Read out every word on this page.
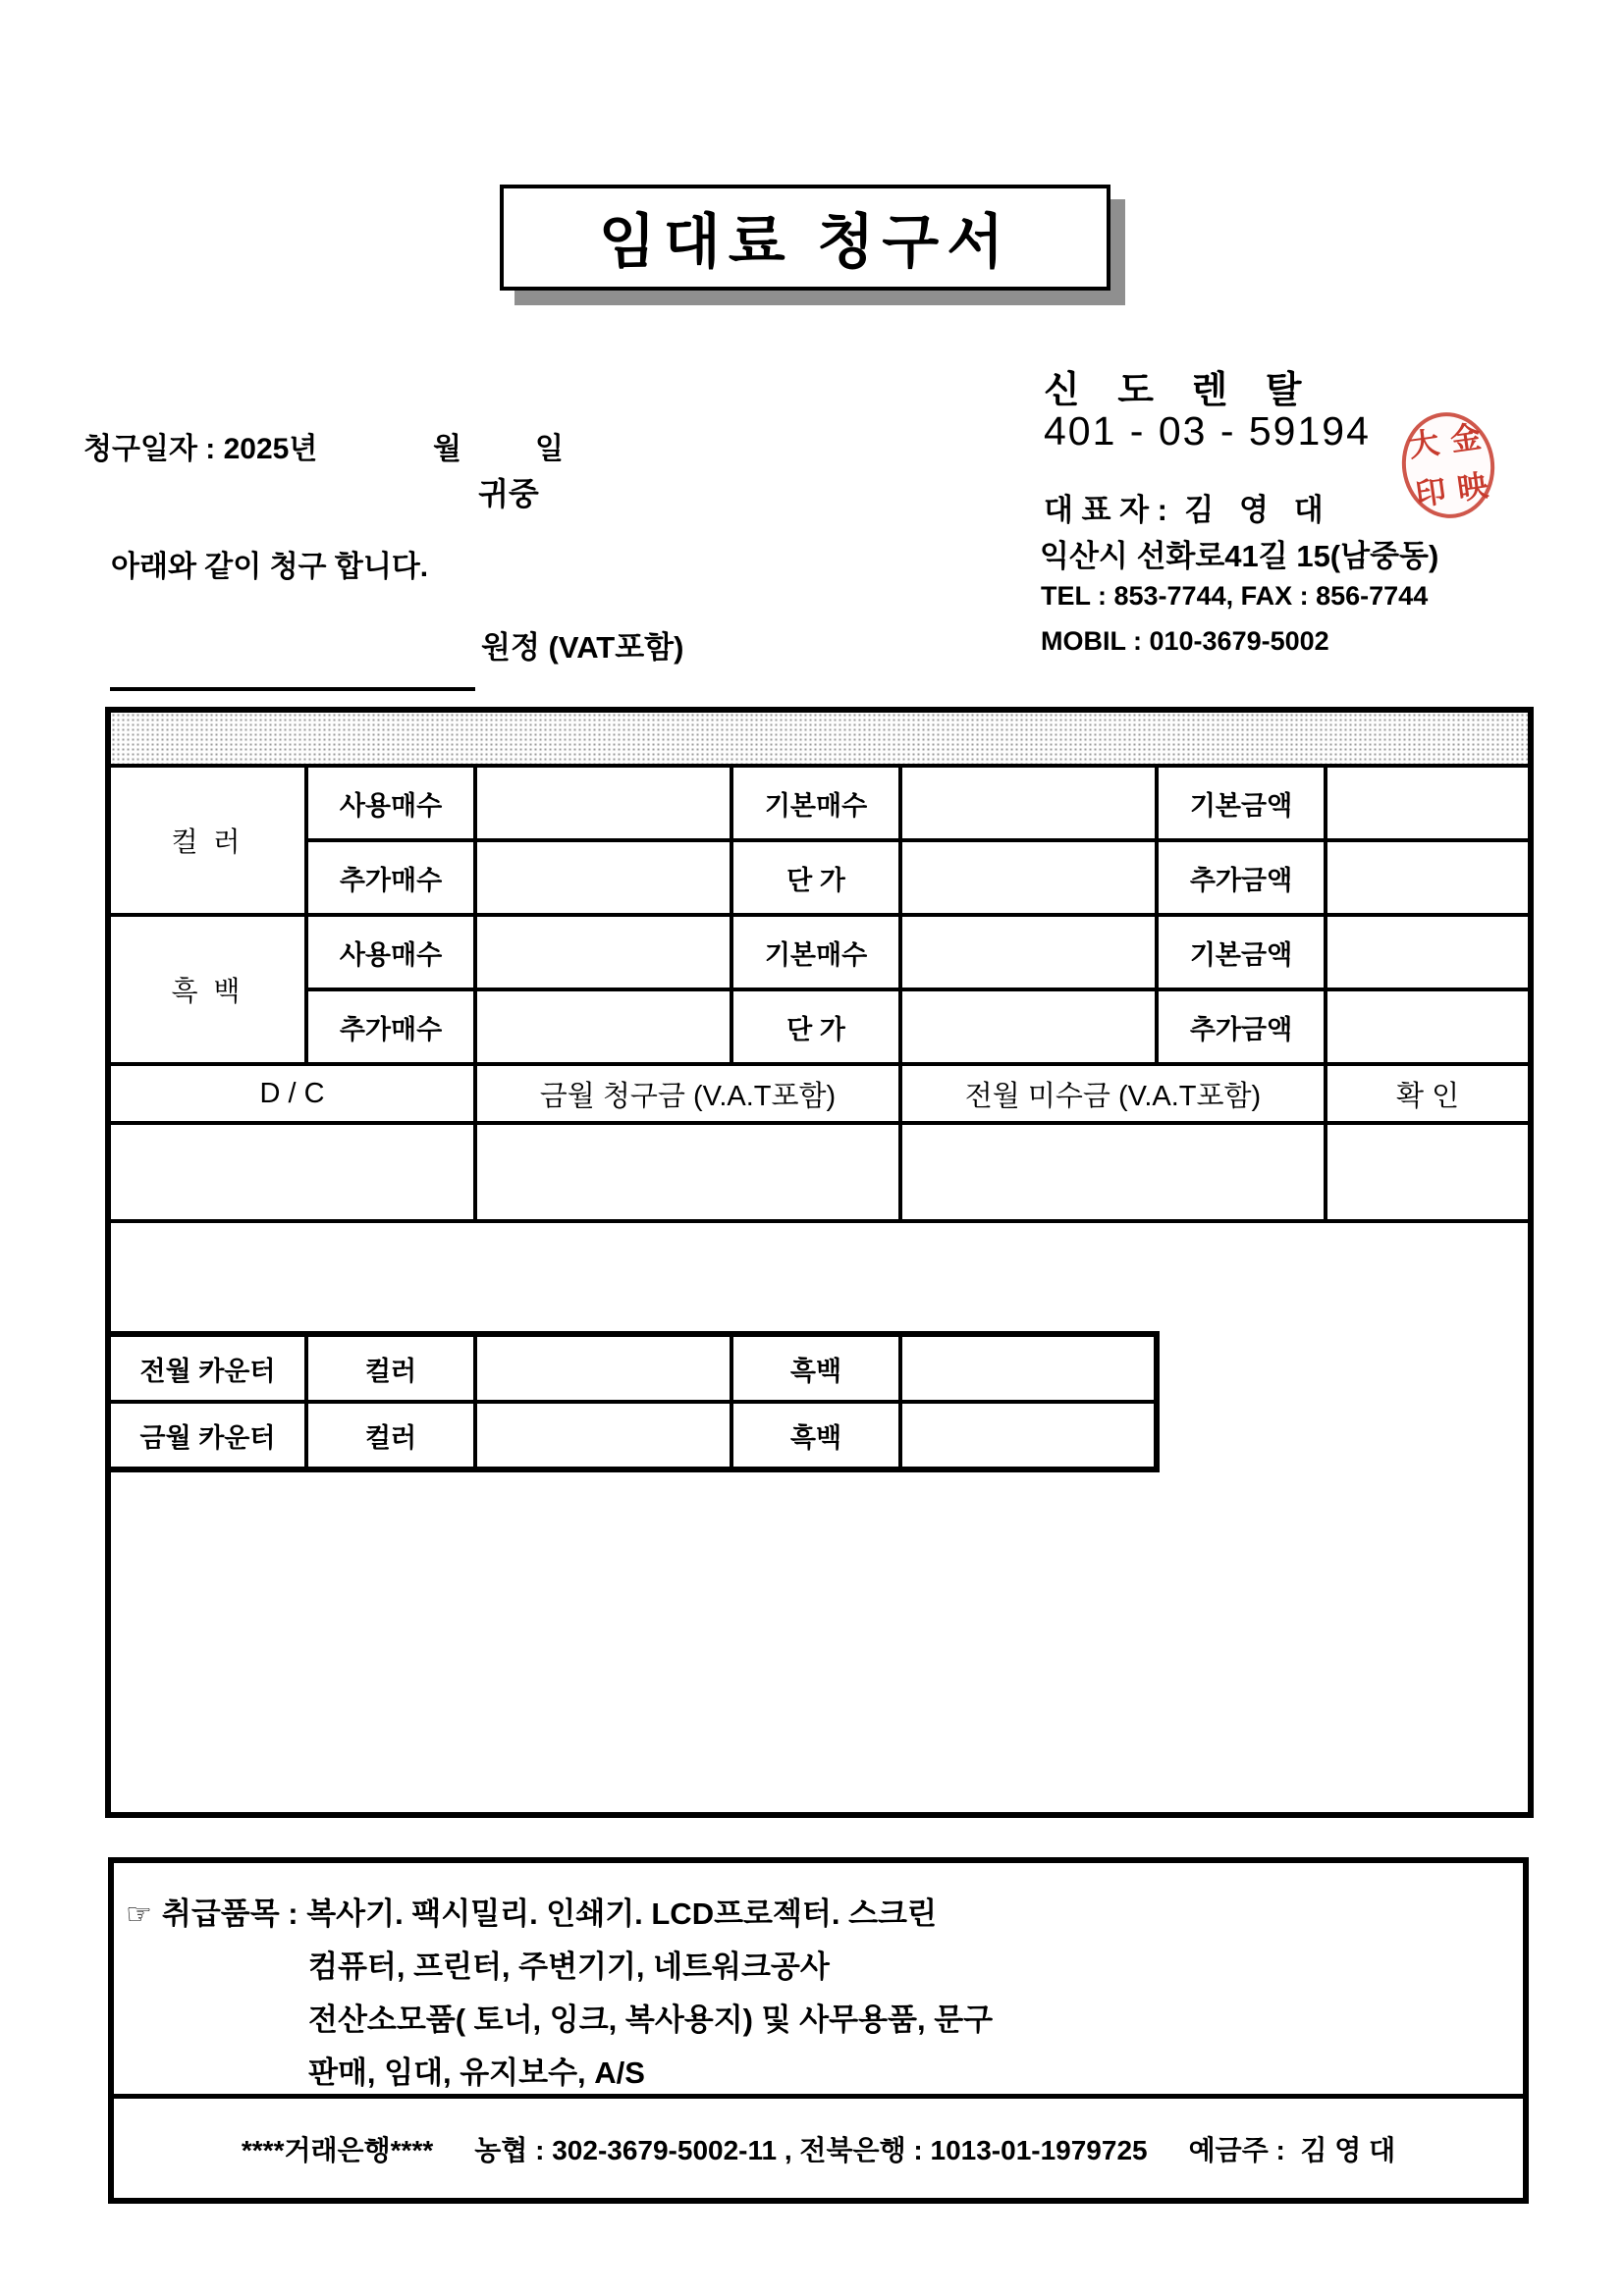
임대료 청구서
청구일자 : 2025년	월	일
귀중
아래와 같이 청구 합니다.
원정 (VAT포함)
신 도 렌 탈
401 - 03 - 59194
대 표 자 :  김   영   대
익산시 선화로41길 15(남중동)
TEL : 853-7744, FAX : 856-7744
MOBIL : 010-3679-5002
大 金
印 映

컬 러	사용매수		기본매수		기본금액	
	추가매수		단 가		추가금액	
흑 백	사용매수		기본매수		기본금액	
	추가매수		단 가		추가금액	
D / C		금월 청구금 (V.A.T포함)		전월 미수금 (V.A.T포함)		확 인

전월 카운터	컬러		흑백	
금월 카운터	컬러		흑백	
☞ 취급품목 : 복사기. 팩시밀리. 인쇄기. LCD프로젝터. 스크린
컴퓨터, 프린터, 주변기기, 네트워크공사
전산소모품( 토너, 잉크, 복사용지) 및 사무용품, 문구
판매, 임대, 유지보수, A/S
****거래은행**** 농협 : 302-3679-5002-11 , 전북은행 : 1013-01-1979725 예금주 :  김 영 대
